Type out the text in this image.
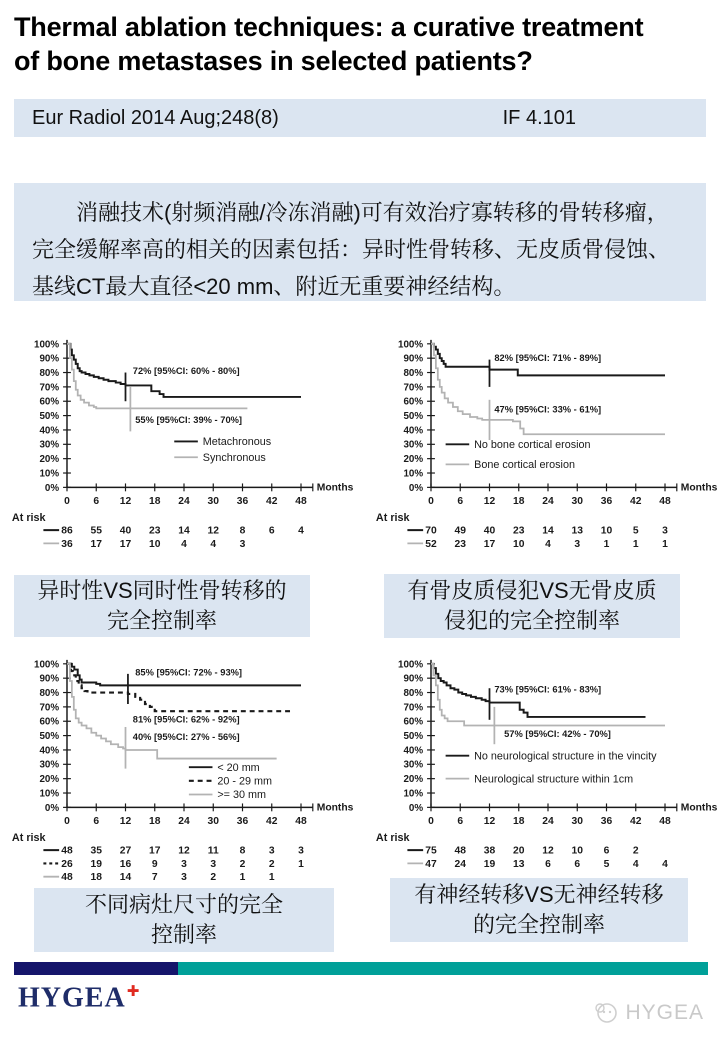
Thermal ablation techniques: a curative treatment
of bone metastases in selected patients?
Eur Radiol 2014 Aug;248(8)	IF 4.101

消融技术(射频消融/冷冻消融)可有效治疗寡转移的骨转移瘤，完全缓解率高的相关的因素包括：异时性骨转移、无皮质骨侵蚀、基线CT最大直径<20 mm、附近无重要神经结构。

0%
10%
20%
30%
40%
50%
60%
70%
80%
90%
100%
0 6 12 18 24 30 36 42 48
Months
72% [95%CI: 60% - 80%]
55% [95%CI: 39% - 70%]
Metachronous
Synchronous
At risk
86 55 40 23 14 12 8 6 4
36 17 17 10 4 4 3
0%
10%
20%
30%
40%
50%
60%
70%
80%
90%
100%
0 6 12 18 24 30 36 42 48
Months
82% [95%CI: 71% - 89%]
47% [95%CI: 33% - 61%]
No bone cortical erosion
Bone cortical erosion
At risk
70 49 40 23 14 13 10 5 3
52 23 17 10 4 3 1 1 1
0%
10%
20%
30%
40%
50%
60%
70%
80%
90%
100%
0 6 12 18 24 30 36 42 48
Months
85% [95%CI: 72% - 93%]
81% [95%CI: 62% - 92%]
40% [95%CI: 27% - 56%]
< 20 mm
20 - 29 mm
>= 30 mm
At risk
48 35 27 17 12 11 8 3 3
26 19 16 9 3 3 2 2 1
48 18 14 7 3 2 1 1
0%
10%
20%
30%
40%
50%
60%
70%
80%
90%
100%
0 6 12 18 24 30 36 42 48
Months
73% [95%CI: 61% - 83%]
57% [95%CI: 42% - 70%]
No neurological structure in the vincity
Neurological structure within 1cm
At risk
75 48 38 20 12 10 6 2
47 24 19 13 6 6 5 4 4
异时性VS同时性骨转移的
完全控制率
有骨皮质侵犯VS无骨皮质
侵犯的完全控制率
不同病灶尺寸的完全
控制率
有神经转移VS无神经转移
的完全控制率
HYGEA✚
HYGEA
